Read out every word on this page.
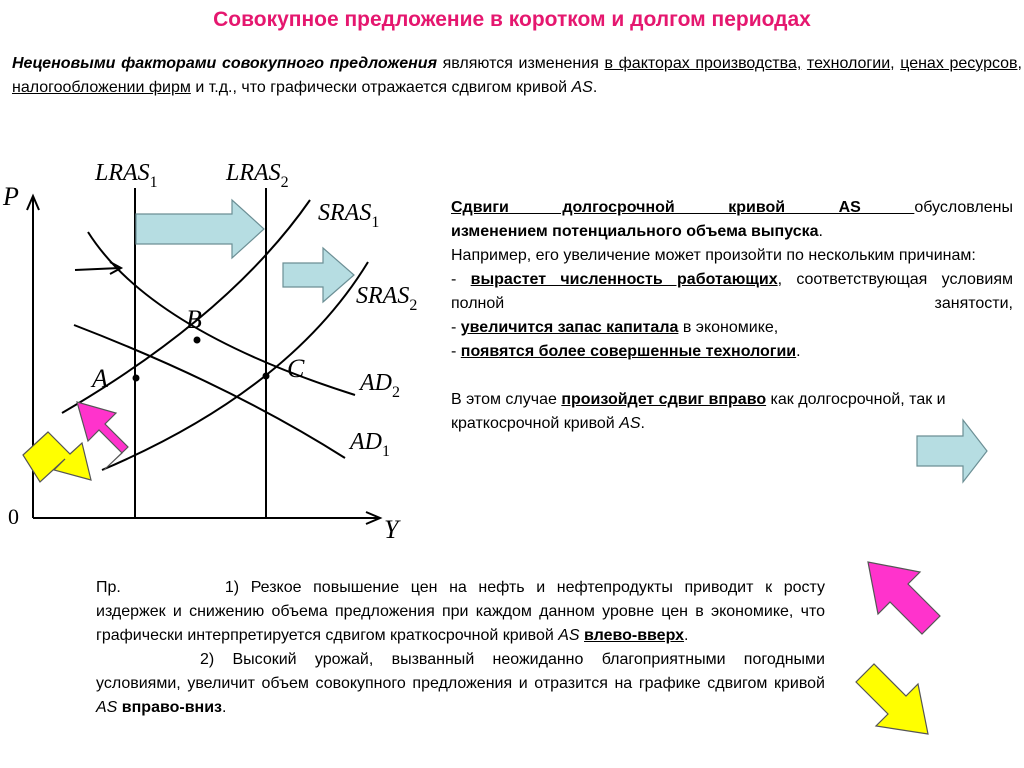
Совокупное предложение в коротком и долгом периодах
Неценовыми факторами совокупного предложения являются изменения в факторах производства, технологии, ценах ресурсов, налогообложении фирм и т.д., что графически отражается сдвигом кривой AS.
P
Y
A
B
C
0
$LRAS_1$	$LRAS_2$
$SRAS_1$
$SRAS_2$
$AD_2$
$AD_1$

Сдвиги долгосрочной кривой AS обусловлены

изменением потенциального объема выпуска.

Например, его увеличение может произойти по нескольким причинам:

- вырастет численность работающих, соответствующая условиям полной занятости,

- увеличится запас капитала в экономике,

- появятся более совершенные технологии.

В этом случае произойдет сдвиг вправо как долгосрочной, так и краткосрочной кривой AS.

Пр.	1) Резкое повышение цен на нефть и нефтепродукты приводит к росту издержек и снижению объема предложения при каждом данном уровне цен в экономике, что графически интерпретируется сдвигом краткосрочной кривой AS влево-вверх.

2) Высокий урожай, вызванный неожиданно благоприятными погодными условиями, увеличит объем совокупного предложения и отразится на графике сдвигом кривой AS вправо-вниз.
